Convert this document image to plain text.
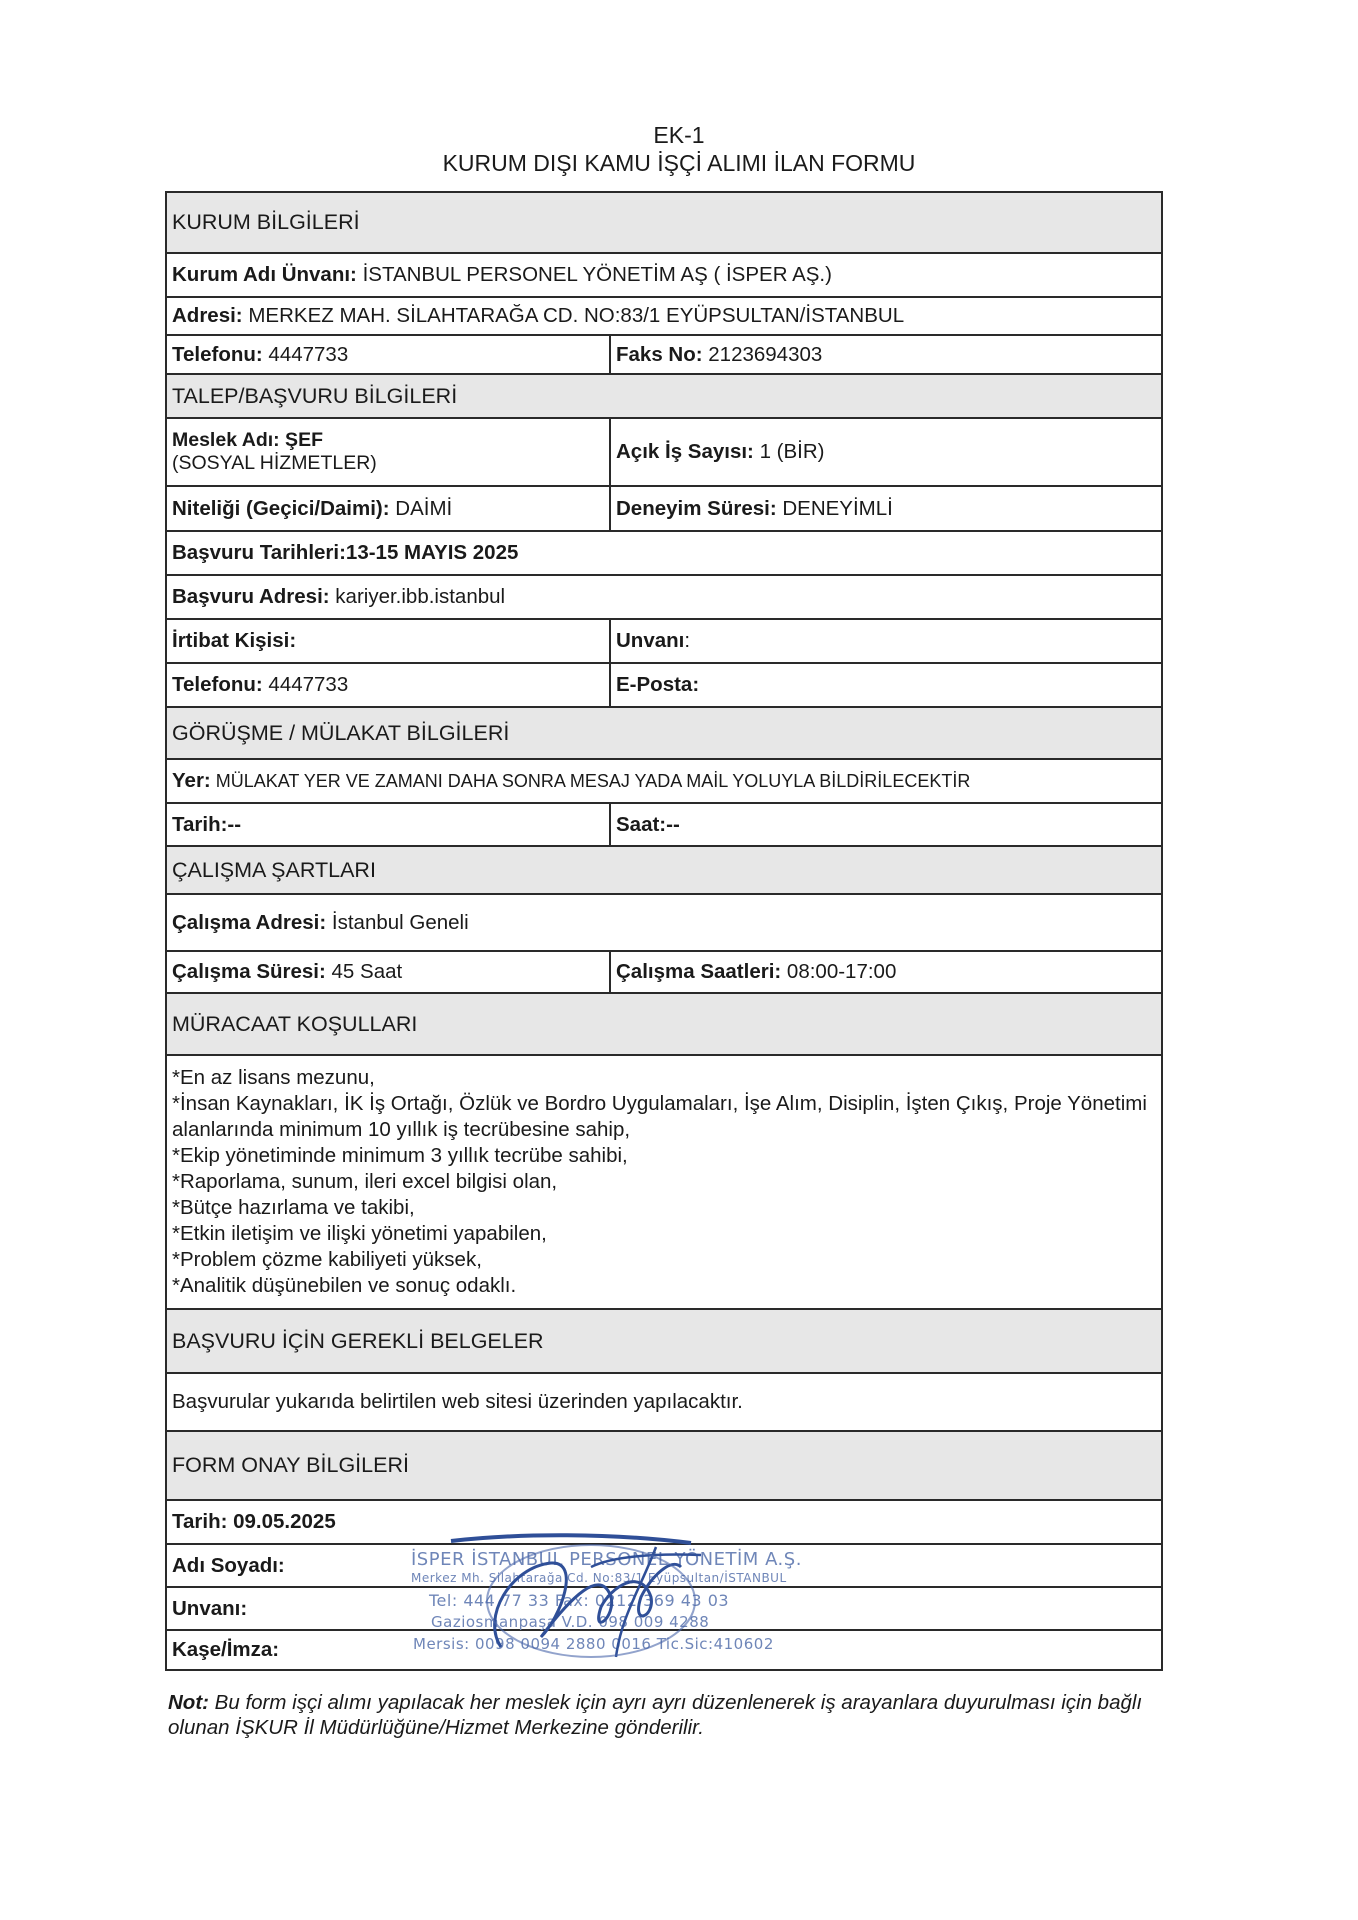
EK-1
KURUM DIŞI KAMU İŞÇİ ALIMI İLAN FORMU
KURUM BİLGİLERİ
Kurum Adı Ünvanı: İSTANBUL PERSONEL YÖNETİM AŞ ( İSPER AŞ.)
Adresi: MERKEZ MAH. SİLAHTARAĞA CD. NO:83/1 EYÜPSULTAN/İSTANBUL
Telefonu: 4447733	Faks No: 2123694303
TALEP/BAŞVURU BİLGİLERİ
Meslek Adı: ŞEF
(SOSYAL HİZMETLER)	Açık İş Sayısı: 1 (BİR)
Niteliği (Geçici/Daimi): DAİMİ	Deneyim Süresi: DENEYİMLİ
Başvuru Tarihleri: 13-15 MAYIS 2025
Başvuru Adresi: kariyer.ibb.istanbul
İrtibat Kişisi:	Unvanı :
Telefonu: 4447733	E-Posta:
GÖRÜŞME / MÜLAKAT BİLGİLERİ
Yer: MÜLAKAT YER VE ZAMANI DAHA SONRA MESAJ YADA MAİL YOLUYLA BİLDİRİLECEKTİR
Tarih:--	Saat:--
ÇALIŞMA ŞARTLARI
Çalışma Adresi: İstanbul Geneli
Çalışma Süresi: 45 Saat	Çalışma Saatleri: 08:00-17:00
MÜRACAAT KOŞULLARI
*En az lisans mezunu,
*İnsan Kaynakları, İK İş Ortağı, Özlük ve Bordro Uygulamaları, İşe Alım, Disiplin, İşten Çıkış, Proje Yönetimi alanlarında minimum 10 yıllık iş tecrübesine sahip,
*Ekip yönetiminde minimum 3 yıllık tecrübe sahibi,
*Raporlama, sunum, ileri excel bilgisi olan,
*Bütçe hazırlama ve takibi,
*Etkin iletişim ve ilişki yönetimi yapabilen,
*Problem çözme kabiliyeti yüksek,
*Analitik düşünebilen ve sonuç odaklı.
BAŞVURU İÇİN GEREKLİ BELGELER
Başvurular yukarıda belirtilen web sitesi üzerinden yapılacaktır.
FORM ONAY BİLGİLERİ
Tarih: 09.05.2025
Adı Soyadı:
Unvanı:
Kaşe/İmza:
İSPER İSTANBUL PERSONEL YÖNETİM A.Ş.
Merkez Mh. Silahtarağa Cd. No:83/1 Eyüpsultan/İSTANBUL
Tel: 444 77 33 Fax: 0212 369 43 03
Gaziosmanpaşa V.D. 098 009 4288
Mersis: 0098 0094 2880 0016 Tic.Sic:410602
Not: Bu form işçi alımı yapılacak her meslek için ayrı ayrı düzenlenerek iş arayanlara duyurulması için bağlı olunan İŞKUR İl Müdürlüğüne/Hizmet Merkezine gönderilir.
